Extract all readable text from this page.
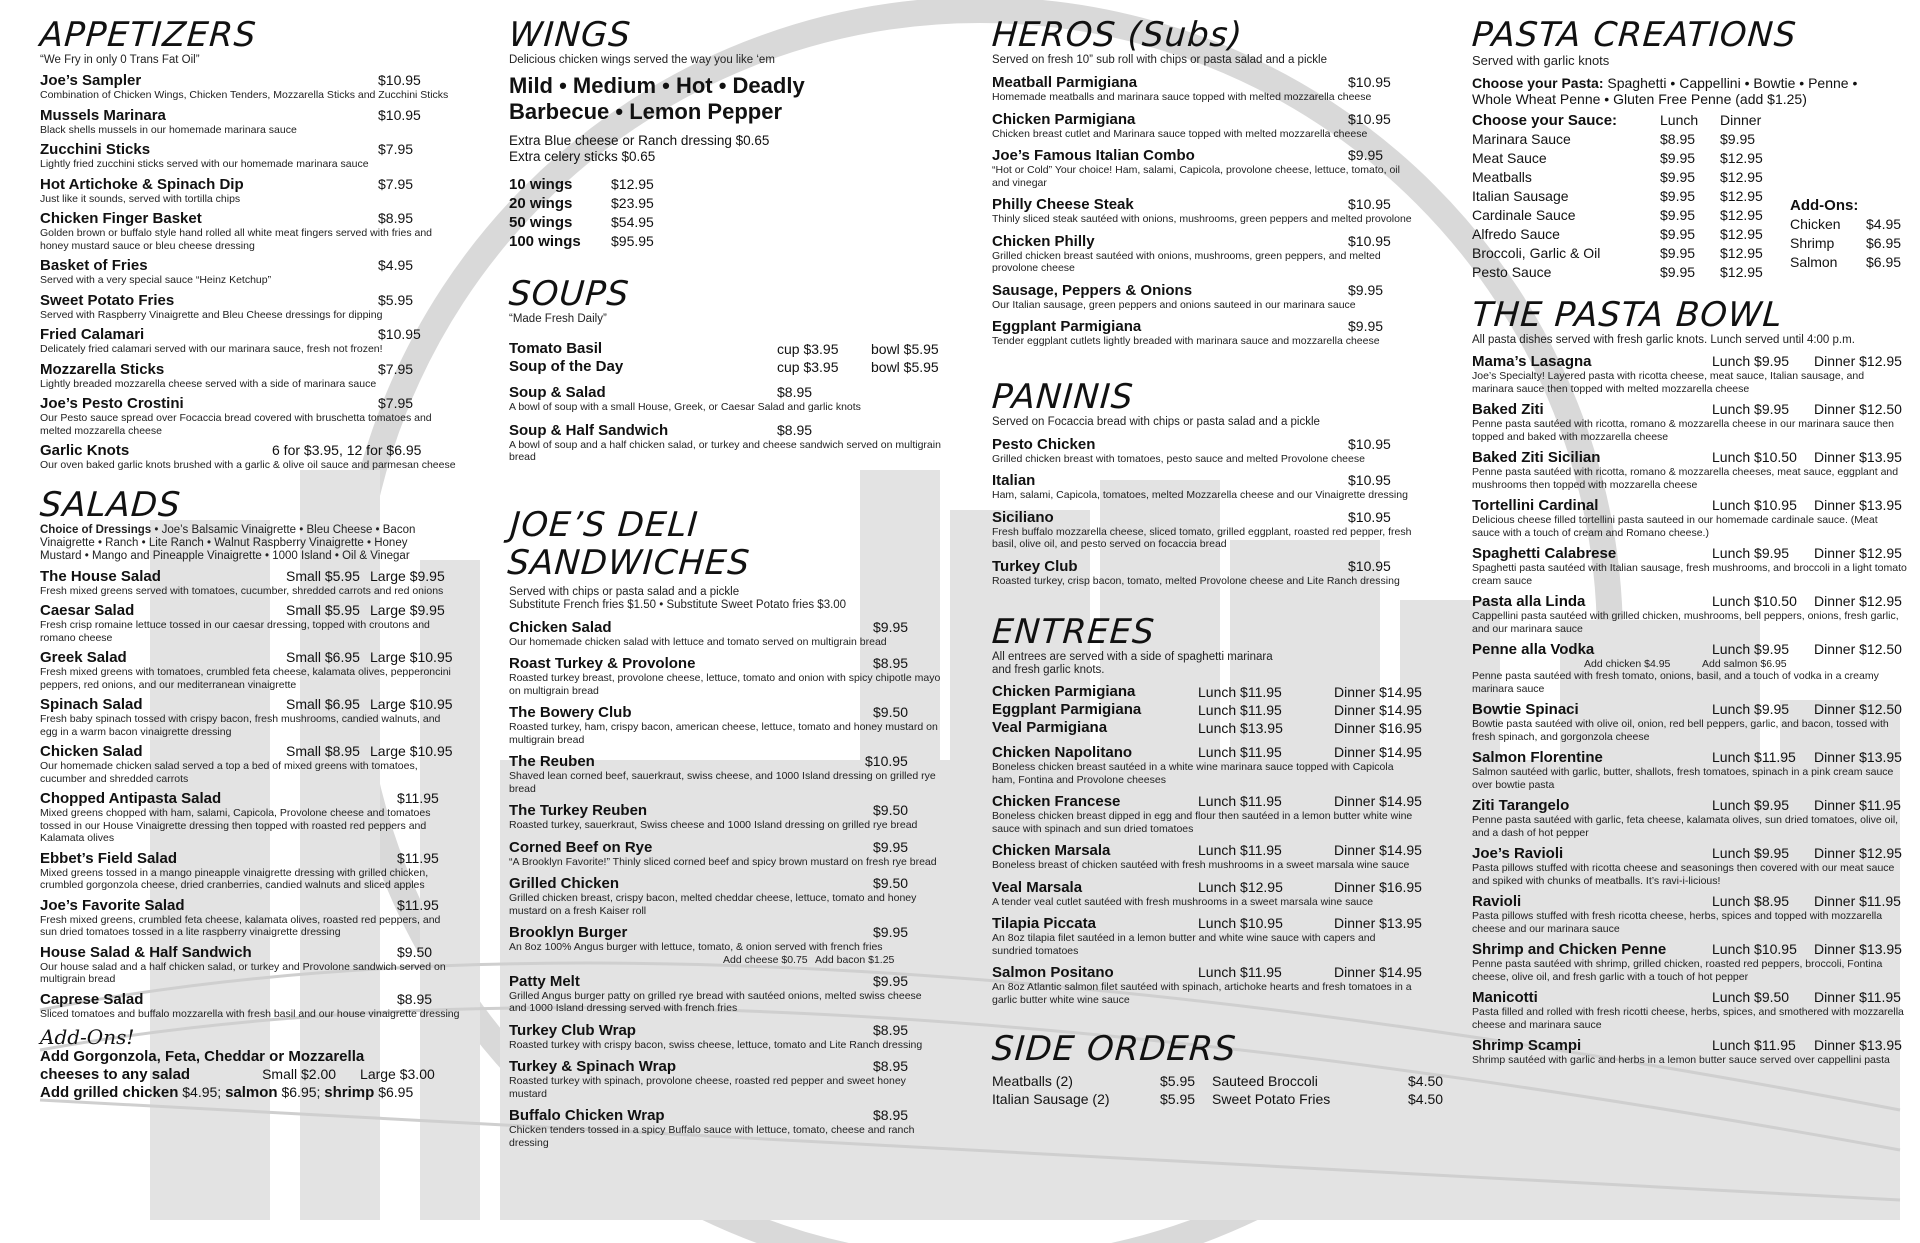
APPETIZERS
“We Fry in only 0 Trans Fat Oil”
Joe’s Sampler	$10.95
Combination of Chicken Wings, Chicken Tenders, Mozzarella Sticks and Zucchini Sticks
Mussels Marinara	$10.95
Black shells mussels in our homemade marinara sauce
Zucchini Sticks	$7.95
Lightly fried zucchini sticks served with our homemade marinara sauce
Hot Artichoke & Spinach Dip	$7.95
Just like it sounds, served with tortilla chips
Chicken Finger Basket	$8.95
Golden brown or buffalo style hand rolled all white meat fingers served with fries and honey mustard sauce or bleu cheese dressing
Basket of Fries	$4.95
Served with a very special sauce “Heinz Ketchup”
Sweet Potato Fries	$5.95
Served with Raspberry Vinaigrette and Bleu Cheese dressings for dipping
Fried Calamari	$10.95
Delicately fried calamari served with our marinara sauce, fresh not frozen!
Mozzarella Sticks	$7.95
Lightly breaded mozzarella cheese served with a side of marinara sauce
Joe’s Pesto Crostini	$7.95
Our Pesto sauce spread over Focaccia bread covered with bruschetta tomatoes and melted mozzarella cheese
Garlic Knots	6 for $3.95, 12 for $6.95
Our oven baked garlic knots brushed with a garlic & olive oil sauce and parmesan cheese
SALADS
Choice of Dressings • Joe’s Balsamic Vinaigrette • Bleu Cheese • Bacon Vinaigrette • Ranch • Lite Ranch • Walnut Raspberry Vinaigrette • Honey Mustard • Mango and Pineapple Vinaigrette • 1000 Island • Oil & Vinegar
The House Salad	Small $5.95 Large $9.95
Fresh mixed greens served with tomatoes, cucumber, shredded carrots and red onions
Caesar Salad	Small $5.95 Large $9.95
Fresh crisp romaine lettuce tossed in our caesar dressing, topped with croutons and romano cheese
Greek Salad	Small $6.95 Large $10.95
Fresh mixed greens with tomatoes, crumbled feta cheese, kalamata olives, pepperoncini peppers, red onions, and our mediterranean vinaigrette
Spinach Salad	Small $6.95 Large $10.95
Fresh baby spinach tossed with crispy bacon, fresh mushrooms, candied walnuts, and egg in a warm bacon vinaigrette dressing
Chicken Salad	Small $8.95 Large $10.95
Our homemade chicken salad served a top a bed of mixed greens with tomatoes, cucumber and shredded carrots
Chopped Antipasta Salad	$11.95
Mixed greens chopped with ham, salami, Capicola, Provolone cheese and tomatoes tossed in our House Vinaigrette dressing then topped with roasted red peppers and Kalamata olives
Ebbet’s Field Salad	$11.95
Mixed greens tossed in a mango pineapple vinaigrette dressing with grilled chicken, crumbled gorgonzola cheese, dried cranberries, candied walnuts and sliced apples
Joe’s Favorite Salad	$11.95
Fresh mixed greens, crumbled feta cheese, kalamata olives, roasted red peppers, and sun dried tomatoes tossed in a lite raspberry vinaigrette dressing
House Salad & Half Sandwich	$9.50
Our house salad and a half chicken salad, or turkey and Provolone sandwich served on multigrain bread
Caprese Salad	$8.95
Sliced tomatoes and buffalo mozzarella with fresh basil and our house vinaigrette dressing
Add-Ons!
Add Gorgonzola, Feta, Cheddar or Mozzarella
cheeses to any salad	Small $2.00 Large $3.00
Add grilled chicken $4.95; salmon $6.95; shrimp $6.95
WINGS
Delicious chicken wings served the way you like ‘em
Mild • Medium • Hot • Deadly
Barbecue • Lemon Pepper
Extra Blue cheese or Ranch dressing $0.65
Extra celery sticks $0.65
10 wings	$12.95
20 wings	$23.95
50 wings	$54.95
100 wings	$95.95
SOUPS
“Made Fresh Daily”
Tomato Basil	cup $3.95 bowl $5.95
Soup of the Day	cup $3.95 bowl $5.95
Soup & Salad	$8.95
A bowl of soup with a small House, Greek, or Caesar Salad and garlic knots
Soup & Half Sandwich	$8.95
A bowl of soup and a half chicken salad, or turkey and cheese sandwich served on multigrain bread
JOE’S DELI SANDWICHES
Served with chips or pasta salad and a pickle
Substitute French fries $1.50 • Substitute Sweet Potato fries $3.00
Chicken Salad	$9.95
Our homemade chicken salad with lettuce and tomato served on multigrain bread
Roast Turkey & Provolone	$8.95
Roasted turkey breast, provolone cheese, lettuce, tomato and onion with spicy chipotle mayo on multigrain bread
The Bowery Club	$9.50
Roasted turkey, ham, crispy bacon, american cheese, lettuce, tomato and honey mustard on multigrain bread
The Reuben	$10.95
Shaved lean corned beef, sauerkraut, swiss cheese, and 1000 Island dressing on grilled rye bread
The Turkey Reuben	$9.50
Roasted turkey, sauerkraut, Swiss cheese and 1000 Island dressing on grilled rye bread
Corned Beef on Rye	$9.95
“A Brooklyn Favorite!” Thinly sliced corned beef and spicy brown mustard on fresh rye bread
Grilled Chicken	$9.50
Grilled chicken breast, crispy bacon, melted cheddar cheese, lettuce, tomato and honey mustard on a fresh Kaiser roll
Brooklyn Burger	$9.95
An 8oz 100% Angus burger with lettuce, tomato, & onion served with french fries
Add cheese $0.75 Add bacon $1.25
Patty Melt	$9.95
Grilled Angus burger patty on grilled rye bread with sautéed onions, melted swiss cheese and 1000 Island dressing served with french fries
Turkey Club Wrap	$8.95
Roasted turkey with crispy bacon, swiss cheese, lettuce, tomato and Lite Ranch dressing
Turkey & Spinach Wrap	$8.95
Roasted turkey with spinach, provolone cheese, roasted red pepper and sweet honey mustard
Buffalo Chicken Wrap	$8.95
Chicken tenders tossed in a spicy Buffalo sauce with lettuce, tomato, cheese and ranch dressing
HEROS (Subs)
Served on fresh 10” sub roll with chips or pasta salad and a pickle
Meatball Parmigiana	$10.95
Homemade meatballs and marinara sauce topped with melted mozzarella cheese
Chicken Parmigiana	$10.95
Chicken breast cutlet and Marinara sauce topped with melted mozzarella cheese
Joe’s Famous Italian Combo	$9.95
“Hot or Cold” Your choice! Ham, salami, Capicola, provolone cheese, lettuce, tomato, oil and vinegar
Philly Cheese Steak	$10.95
Thinly sliced steak sautéed with onions, mushrooms, green peppers and melted provolone
Chicken Philly	$10.95
Grilled chicken breast sautéed with onions, mushrooms, green peppers, and melted provolone cheese
Sausage, Peppers & Onions	$9.95
Our Italian sausage, green peppers and onions sauteed in our marinara sauce
Eggplant Parmigiana	$9.95
Tender eggplant cutlets lightly breaded with marinara sauce and mozzarella cheese
PANINIS
Served on Focaccia bread with chips or pasta salad and a pickle
Pesto Chicken	$10.95
Grilled chicken breast with tomatoes, pesto sauce and melted Provolone cheese
Italian	$10.95
Ham, salami, Capicola, tomatoes, melted Mozzarella cheese and our Vinaigrette dressing
Siciliano	$10.95
Fresh buffalo mozzarella cheese, sliced tomato, grilled eggplant, roasted red pepper, fresh basil, olive oil, and pesto served on focaccia bread
Turkey Club	$10.95
Roasted turkey, crisp bacon, tomato, melted Provolone cheese and Lite Ranch dressing
ENTREES
All entrees are served with a side of spaghetti marinara
and fresh garlic knots.
Chicken Parmigiana	Lunch $11.95	Dinner $14.95
Eggplant Parmigiana	Lunch $11.95	Dinner $14.95
Veal Parmigiana	Lunch $13.95	Dinner $16.95
Chicken Napolitano	Lunch $11.95	Dinner $14.95
Boneless chicken breast sautéed in a white wine marinara sauce topped with Capicola ham, Fontina and Provolone cheeses
Chicken Francese	Lunch $11.95	Dinner $14.95
Boneless chicken breast dipped in egg and flour then sautéed in a lemon butter white wine sauce with spinach and sun dried tomatoes
Chicken Marsala	Lunch $11.95	Dinner $14.95
Boneless breast of chicken sautéed with fresh mushrooms in a sweet marsala wine sauce
Veal Marsala	Lunch $12.95	Dinner $16.95
A tender veal cutlet sautéed with fresh mushrooms in a sweet marsala wine sauce
Tilapia Piccata	Lunch $10.95	Dinner $13.95
An 8oz tilapia filet sautéed in a lemon butter and white wine sauce with capers and sundried tomatoes
Salmon Positano	Lunch $11.95	Dinner $14.95
An 8oz Atlantic salmon filet sautéed with spinach, artichoke hearts and fresh tomatoes in a garlic butter white wine sauce
SIDE ORDERS
Meatballs (2)	$5.95	Sauteed Broccoli	$4.50
Italian Sausage (2)	$5.95	Sweet Potato Fries	$4.50
PASTA CREATIONS
Served with garlic knots
Choose your Pasta: Spaghetti • Cappellini • Bowtie • Penne •
Whole Wheat Penne • Gluten Free Penne (add $1.25)
Choose your Sauce:	Lunch	Dinner
Marinara Sauce	$8.95	$9.95
Meat Sauce	$9.95	$12.95
Meatballs	$9.95	$12.95
Italian Sausage	$9.95	$12.95
Cardinale Sauce	$9.95	$12.95
Alfredo Sauce	$9.95	$12.95
Broccoli, Garlic & Oil	$9.95	$12.95
Pesto Sauce	$9.95	$12.95
Add-Ons:
Chicken	$4.95
Shrimp	$6.95
Salmon	$6.95
THE PASTA BOWL
All pasta dishes served with fresh garlic knots. Lunch served until 4:00 p.m.
Mama’s Lasagna	Lunch $9.95 Dinner $12.95
Joe’s Specialty! Layered pasta with ricotta cheese, meat sauce, Italian sausage, and marinara sauce then topped with melted mozzarella cheese
Baked Ziti	Lunch $9.95 Dinner $12.50
Penne pasta sautéed with ricotta, romano & mozzarella cheese in our marinara sauce then topped and baked with mozzarella cheese
Baked Ziti Sicilian	Lunch $10.50 Dinner $13.95
Penne pasta sautéed with ricotta, romano & mozzarella cheeses, meat sauce, eggplant and mushrooms then topped with mozzarella cheese
Tortellini Cardinal	Lunch $10.95 Dinner $13.95
Delicious cheese filled tortellini pasta sauteed in our homemade cardinale sauce. (Meat sauce with a touch of cream and Romano cheese.)
Spaghetti Calabrese	Lunch $9.95 Dinner $12.95
Spaghetti pasta sautéed with Italian sausage, fresh mushrooms, and broccoli in a light tomato cream sauce
Pasta alla Linda	Lunch $10.50 Dinner $12.95
Cappellini pasta sautéed with grilled chicken, mushrooms, bell peppers, onions, fresh garlic, and our marinara sauce
Penne alla Vodka	Lunch $9.95 Dinner $12.50
Add chicken $4.95	Add salmon $6.95
Penne pasta sautéed with fresh tomato, onions, basil, and a touch of vodka in a creamy marinara sauce
Bowtie Spinaci	Lunch $9.95 Dinner $12.50
Bowtie pasta sautéed with olive oil, onion, red bell peppers, garlic, and bacon, tossed with fresh spinach, and gorgonzola cheese
Salmon Florentine	Lunch $11.95 Dinner $13.95
Salmon sautéed with garlic, butter, shallots, fresh tomatoes, spinach in a pink cream sauce over bowtie pasta
Ziti Tarangelo	Lunch $9.95 Dinner $11.95
Penne pasta sautéed with garlic, feta cheese, kalamata olives, sun dried tomatoes, olive oil, and a dash of hot pepper
Joe’s Ravioli	Lunch $9.95 Dinner $12.95
Pasta pillows stuffed with ricotta cheese and seasonings then covered with our meat sauce and spiked with chunks of meatballs. It’s ravi-i-licious!
Ravioli	Lunch $8.95 Dinner $11.95
Pasta pillows stuffed with fresh ricotta cheese, herbs, spices and topped with mozzarella cheese and our marinara sauce
Shrimp and Chicken Penne	Lunch $10.95 Dinner $13.95
Penne pasta sautéed with shrimp, grilled chicken, roasted red peppers, broccoli, Fontina cheese, olive oil, and fresh garlic with a touch of hot pepper
Manicotti	Lunch $9.50 Dinner $11.95
Pasta filled and rolled with fresh ricotti cheese, herbs, spices, and smothered with mozzarella cheese and marinara sauce
Shrimp Scampi	Lunch $11.95 Dinner $13.95
Shrimp sautéed with garlic and herbs in a lemon butter sauce served over cappellini pasta
